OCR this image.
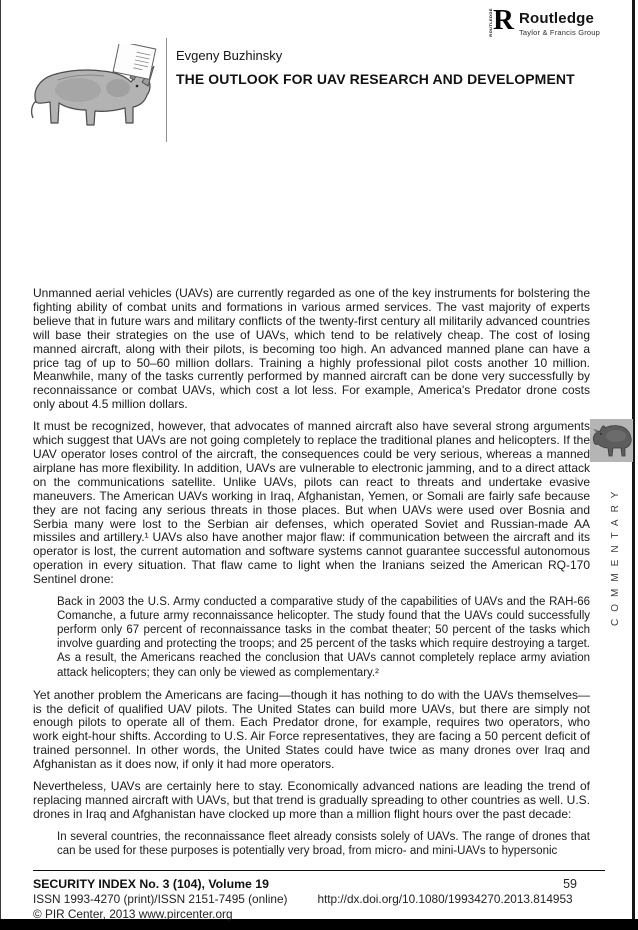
ROUTLEDGE R Routledge
Taylor & Francis Group
Evgeny Buzhinsky
THE OUTLOOK FOR UAV RESEARCH AND DEVELOPMENT

Unmanned aerial vehicles (UAVs) are currently regarded as one of the key instruments for bolstering the fighting ability of combat units and formations in various armed services. The vast majority of experts believe that in future wars and military conflicts of the twenty-first century all militarily advanced countries will base their strategies on the use of UAVs, which tend to be relatively cheap. The cost of losing manned aircraft, along with their pilots, is becoming too high. An advanced manned plane can have a price tag of up to 50–60 million dollars. Training a highly professional pilot costs another 10 million. Meanwhile, many of the tasks currently performed by manned aircraft can be done very successfully by reconnaissance or combat UAVs, which cost a lot less. For example, America's Predator drone costs only about 4.5 million dollars.

It must be recognized, however, that advocates of manned aircraft also have several strong arguments which suggest that UAVs are not going completely to replace the traditional planes and helicopters. If the UAV operator loses control of the aircraft, the consequences could be very serious, whereas a manned airplane has more flexibility. In addition, UAVs are vulnerable to electronic jamming, and to a direct attack on the communications satellite. Unlike UAVs, pilots can react to threats and undertake evasive maneuvers. The American UAVs working in Iraq, Afghanistan, Yemen, or Somali are fairly safe because they are not facing any serious threats in those places. But when UAVs were used over Bosnia and Serbia many were lost to the Serbian air defenses, which operated Soviet and Russian-made AA missiles and artillery.¹ UAVs also have another major flaw: if communication between the aircraft and its operator is lost, the current automation and software systems cannot guarantee successful autonomous operation in every situation. That flaw came to light when the Iranians seized the American RQ-170 Sentinel drone:

Back in 2003 the U.S. Army conducted a comparative study of the capabilities of UAVs and the RAH-66 Comanche, a future army reconnaissance helicopter. The study found that the UAVs could successfully perform only 67 percent of reconnaissance tasks in the combat theater; 50 percent of the tasks which involve guarding and protecting the troops; and 25 percent of the tasks which require destroying a target. As a result, the Americans reached the conclusion that UAVs cannot completely replace army aviation attack helicopters; they can only be viewed as complementary.²

Yet another problem the Americans are facing—though it has nothing to do with the UAVs themselves—is the deficit of qualified UAV pilots. The United States can build more UAVs, but there are simply not enough pilots to operate all of them. Each Predator drone, for example, requires two operators, who work eight-hour shifts. According to U.S. Air Force representatives, they are facing a 50 percent deficit of trained personnel. In other words, the United States could have twice as many drones over Iraq and Afghanistan as it does now, if only it had more operators.

Nevertheless, UAVs are certainly here to stay. Economically advanced nations are leading the trend of replacing manned aircraft with UAVs, but that trend is gradually spreading to other countries as well. U.S. drones in Iraq and Afghanistan have clocked up more than a million flight hours over the past decade:

In several countries, the reconnaissance fleet already consists solely of UAVs. The range of drones that can be used for these purposes is potentially very broad, from micro- and mini-UAVs to hypersonic
COMMENTARY
SECURITY INDEX No. 3 (104), Volume 19	59
ISSN 1993-4270 (print)/ISSN 2151-7495 (online)	http://dx.doi.org/10.1080/19934270.2013.814953
© PIR Center, 2013 www.pircenter.org
